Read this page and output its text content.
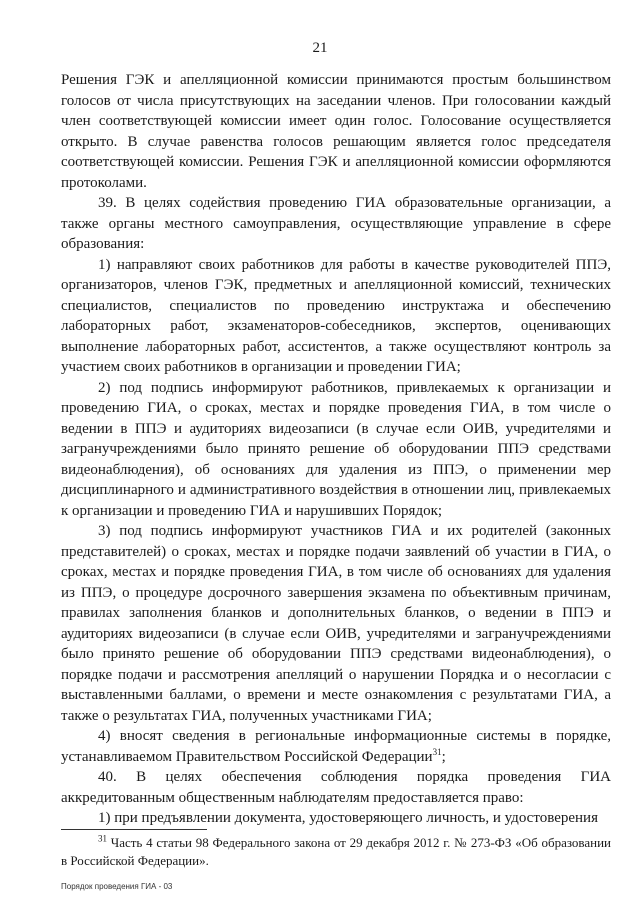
21

Решения ГЭК и апелляционной комиссии принимаются простым большинством голосов от числа присутствующих на заседании членов. При голосовании каждый член соответствующей комиссии имеет один голос. Голосование осуществляется открыто. В случае равенства голосов решающим является голос председателя соответствующей комиссии. Решения ГЭК и апелляционной комиссии оформляются протоколами.

39. В целях содействия проведению ГИА образовательные организации, а также органы местного самоуправления, осуществляющие управление в сфере образования:

1) направляют своих работников для работы в качестве руководителей ППЭ, организаторов, членов ГЭК, предметных и апелляционной комиссий, технических специалистов, специалистов по проведению инструктажа и обеспечению лабораторных работ, экзаменаторов-собеседников, экспертов, оценивающих выполнение лабораторных работ, ассистентов, а также осуществляют контроль за участием своих работников в организации и проведении ГИА;

2) под подпись информируют работников, привлекаемых к организации и проведению ГИА, о сроках, местах и порядке проведения ГИА, в том числе о ведении в ППЭ и аудиториях видеозаписи (в случае если ОИВ, учредителями и загранучреждениями было принято решение об оборудовании ППЭ средствами видеонаблюдения), об основаниях для удаления из ППЭ, о применении мер дисциплинарного и административного воздействия в отношении лиц, привлекаемых к организации и проведению ГИА и нарушивших Порядок;

3) под подпись информируют участников ГИА и их родителей (законных представителей) о сроках, местах и порядке подачи заявлений об участии в ГИА, о сроках, местах и порядке проведения ГИА, в том числе об основаниях для удаления из ППЭ, о процедуре досрочного завершения экзамена по объективным причинам, правилах заполнения бланков и дополнительных бланков, о ведении в ППЭ и аудиториях видеозаписи (в случае если ОИВ, учредителями и загранучреждениями было принято решение об оборудовании ППЭ средствами видеонаблюдения), о порядке подачи и рассмотрения апелляций о нарушении Порядка и о несогласии с выставленными баллами, о времени и месте ознакомления с результатами ГИА, а также о результатах ГИА, полученных участниками ГИА;

4) вносят сведения в региональные информационные системы в порядке, устанавливаемом Правительством Российской Федерации$^{31}$;

40. В целях обеспечения соблюдения порядка проведения ГИА аккредитованным общественным наблюдателям предоставляется право:

1) при предъявлении документа, удостоверяющего личность, и удостоверения

$^{31}$ Часть 4 статьи 98 Федерального закона от 29 декабря 2012 г. № 273-ФЗ «Об образовании в Российской Федерации».
Порядок проведения ГИА - 03
